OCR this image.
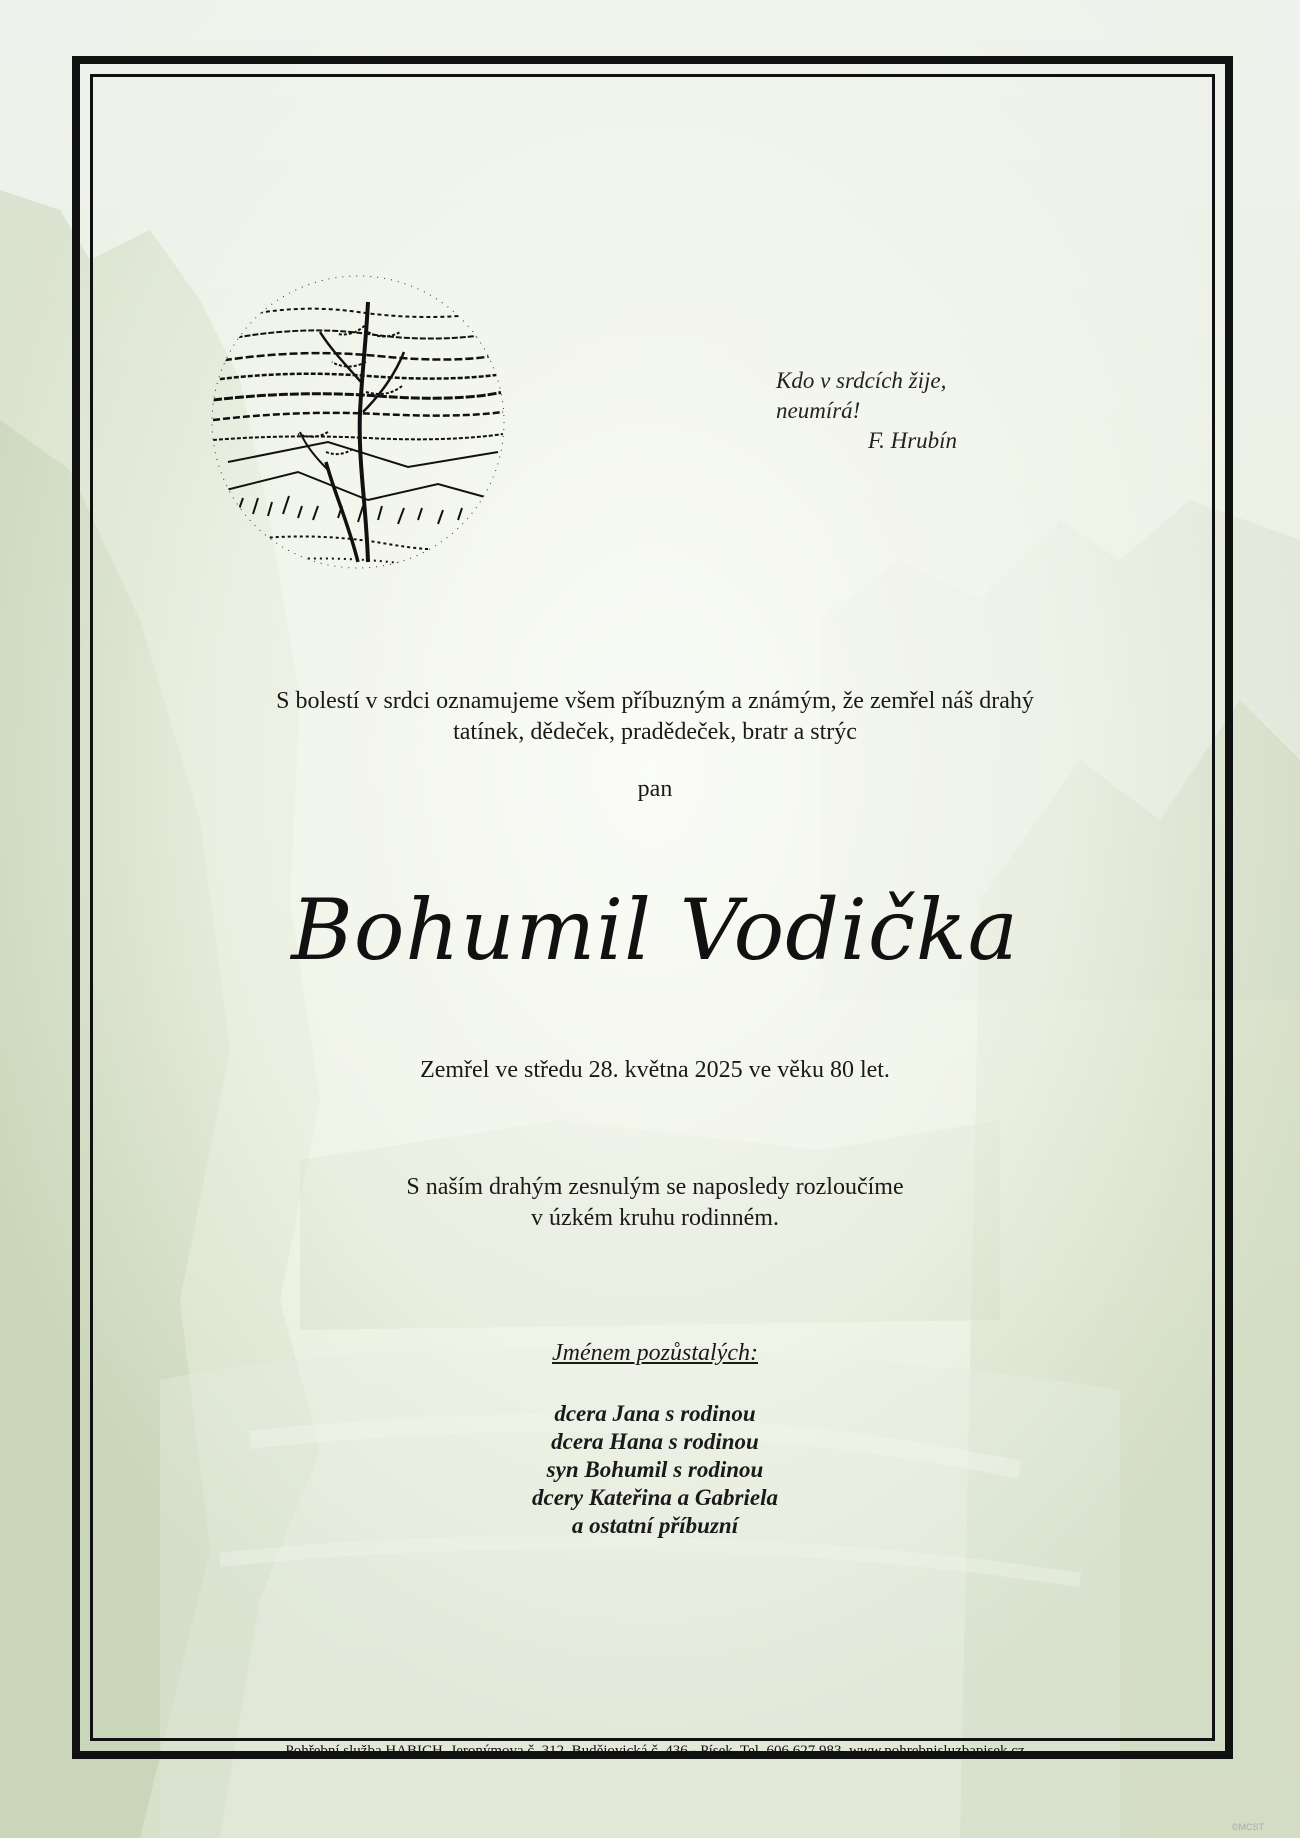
Kdo v srdcích žije,
neumírá!

F. Hrubín
S bolestí v srdci oznamujeme všem příbuzným a známým, že zemřel náš drahý
tatínek, dědeček, pradědeček, bratr a strýc
pan
Bohumil Vodička
Zemřel ve středu 28. května 2025 ve věku 80 let.
S naším drahým zesnulým se naposledy rozloučíme
v úzkém kruhu rodinném.
Jménem pozůstalých:
dcera Jana s rodinou
dcera Hana s rodinou
syn Bohumil s rodinou
dcery Kateřina a Gabriela
a ostatní příbuzní
Pohřební služba HABICH, Jeronýmova č. 312, Budějovická č. 436 - Písek. Tel. 606 627 983, www.pohrebnisluzbapisek.cz
©MCST
